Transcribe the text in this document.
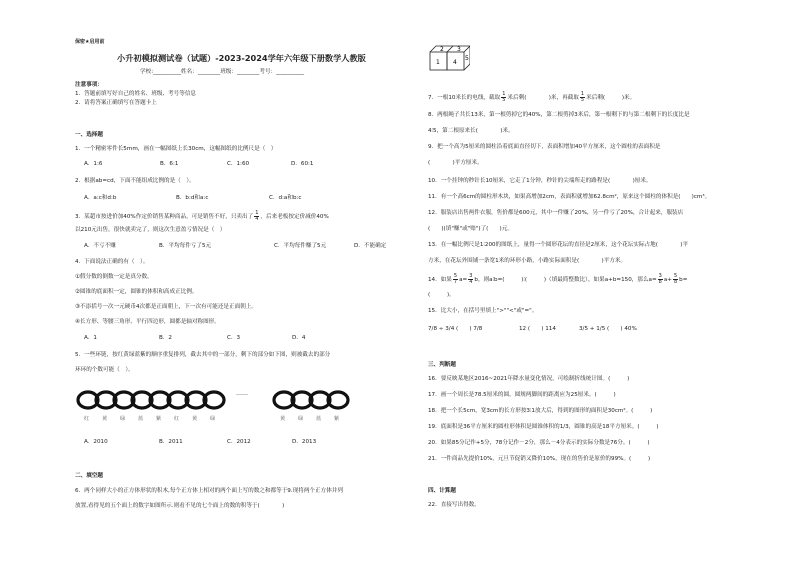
保密★启用前
小升初模拟测试卷（试题）-2023-2024学年六年级下册数学人教版
学校:__________姓名：________班级：________考号：__________
注意事项：
1．答题前填写好自己的姓名、班级、考号等信息
2．请将答案正确填写在答题卡上
一、选择题
1．一个精密零件长5mm，画在一幅图纸上长30cm，这幅图纸的比例尺是（　）
A．1:6	B．6:1	C．1:60	D．60:1
2．根据ab=cd，下面不能组成比例的是（　）。
A．a:c和d:b	B．b:d和a:c	C．d:a和b:c
3．某超市按进价加40%作定价销售某种商品，可是销售不好，只卖出了 $\frac{1}{4}$ ，后来老板按定价减价40%
以210元出售，很快就卖完了，则这次生意盈亏情况是（　）
A．不亏不赚	B．平均每件亏了5元	C．平均每件赚了5元	D．不能确定
4．下面说法正确的有（　）。
①假分数的倒数一定是真分数。
②圆锥的底面积一定，圆锥的体积和高成正比例。
③不添括号一次一元硬币4次都是正面朝上，下一次有可能还是正面朝上。
④长方形、等腰三角形、平行四边形，圆都是轴对称图形。
A．1	B．2	C．3	D．4
5．一些环链，按红黄绿蓝紫的顺序重复排列，截去其中的一部分，剩下的部分如下图，则被截去的部分
环环的个数可能（　）。
……
红 黄 绿 蓝 紫 红 黄 绿	黄 绿 蓝 紫
A．2010	B．2011	C．2012	D．2013
二、填空题
6．两个同样大小的正方体形状的积木,每个正方体上相对的两个面上写的数之和都等于9.现将两个正方体并列
放置,看得见的五个面上的数字如图所示.则看不见的七个面上的数的积等于(　　　　)
2 3
1 4
5
7．一根10米长的电线，截取 $\frac{1}{5}$ 米后剩(　　　　)米，再截取 $\frac{1}{5}$ 米后剩(　　　)米。
8．两根绳子共长13米，第一根剪掉它的40%，第二根剪掉3米后，第一根剩下的与第二根剩下的长度比是
4∶5，第二根原来长(　　　　)米。
9．把一个高为5厘米的圆柱沿着底面直径切下，表面积增加40平方厘米，这个圆柱的表面积是
(　　　　)平方厘米。
10．一个挂钟的秒针长10厘米，它走了1分钟，秒针的尖端所走的路程是(　　　　)厘米。
11．有一个高6cm的圆柱形木块，如果高增加2cm，表面积就增加62.8cm²，原来这个圆柱的体积是(　　)cm³。
12．服装店出售两件衣服，售价都是600元，其中一件赚了20%，另一件亏了20%，合计起来，服装店
(　　)(填"赚"或"赔")了(　　)元。
13．在一幅比例尺是1∶200的图纸上，量得一个圆形花坛的直径是2厘米，这个花坛实际占地(　　　　)平
方米，在花坛外围铺一条宽1米的环形小路，小路实际面积是(　　　　)平方米。
14．如果 $\frac{5}{7} a= \frac{3}{4}$ b，则a∶b=(　　　)∶(　　　)（填最简整数比），如果a+b=150，那么$a= \frac{3}{8} a+ \frac{5}{8} b=$
(　　　)。
15．比大小，在括号里填上">""<"或"="。
7/8 ÷ 3/4 (　　) 7/8	12 (　　) 114	3/5 + 1/5 (　　) 40%
三、判断题
16．要反映某地区2016~2021年降水量变化情况，可绘制折线统计图。(　　　)
17．画一个周长是78.5厘米的圆，圆规两脚间的距离应为25厘米。(　　　)
18．把一个长5cm，宽3cm的长方形按3∶1放大后，得到的图形的面积是30cm²。(　　　)
19．底面积是36平方厘米的圆柱形体积是圆锥体积的1/3，圆锥的高是18平方厘米。(　　　)
20．如果85分记作+5分，78分记作－2分，那么－4分表示的实际分数是76分。(　　　)
21．一件商品先提价10%，元旦节促销又降价10%，现在的售价是原价的99%。(　　　)
四、计算题
22．直接写出得数。
